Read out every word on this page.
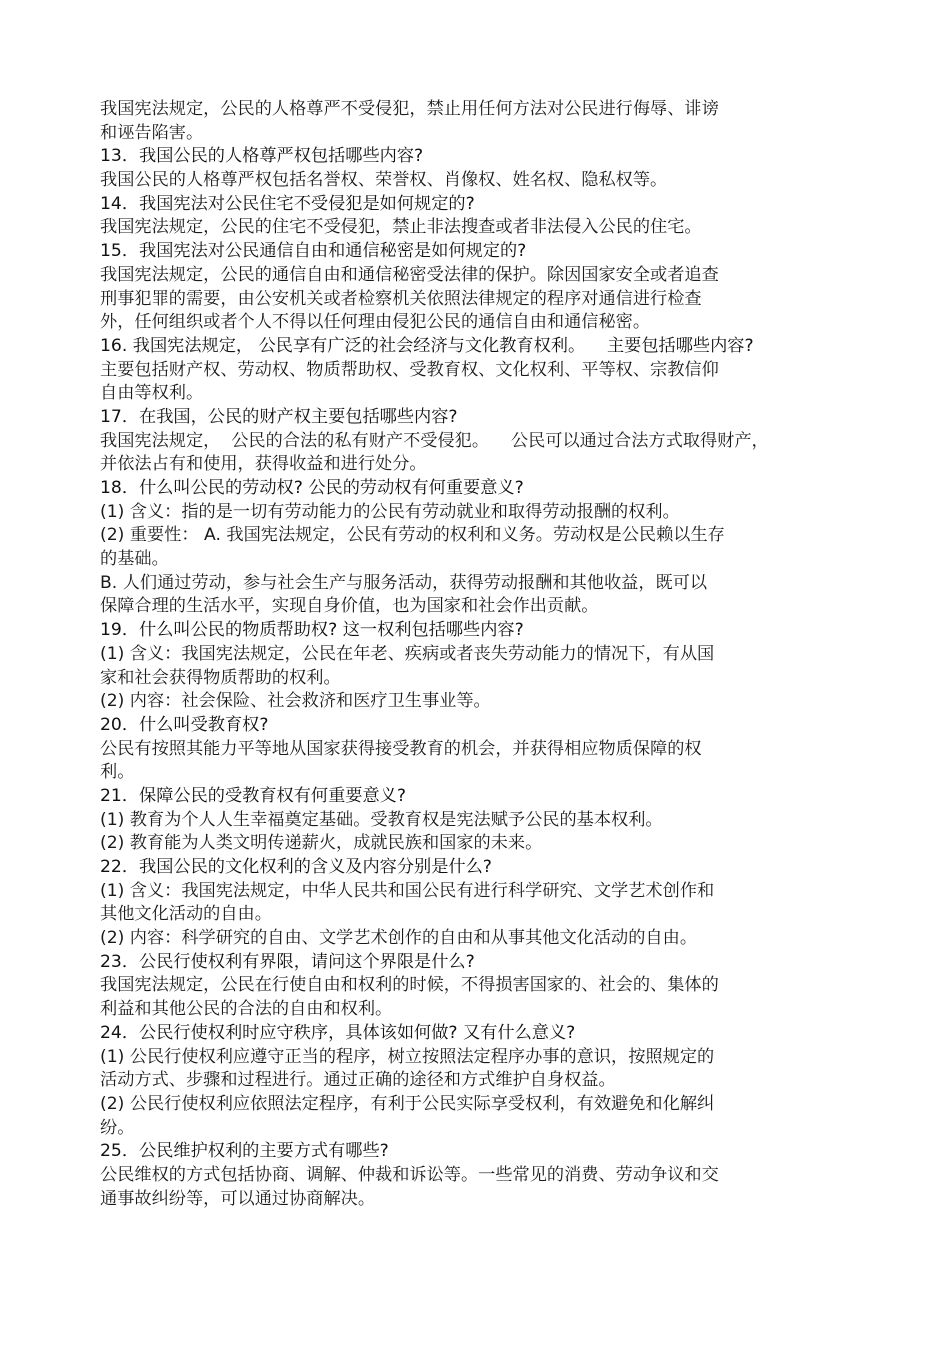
我国宪法规定，公民的人格尊严不受侵犯，禁止用任何方法对公民进行侮辱、诽谤
和诬告陷害。
13．我国公民的人格尊严权包括哪些内容?
我国公民的人格尊严权包括名誉权、荣誉权、肖像权、姓名权、隐私权等。
14．我国宪法对公民住宅不受侵犯是如何规定的?
我国宪法规定，公民的住宅不受侵犯，禁止非法搜查或者非法侵入公民的住宅。
15．我国宪法对公民通信自由和通信秘密是如何规定的?
我国宪法规定，公民的通信自由和通信秘密受法律的保护。除因国家安全或者追查
刑事犯罪的需要，由公安机关或者检察机关依照法律规定的程序对通信进行检查
外，任何组织或者个人不得以任何理由侵犯公民的通信自由和通信秘密。
16. 我国宪法规定， 公民享有广泛的社会经济与文化教育权利。    主要包括哪些内容?
主要包括财产权、劳动权、物质帮助权、受教育权、文化权利、平等权、宗教信仰
自由等权利。
17．在我国，公民的财产权主要包括哪些内容?
我国宪法规定，  公民的合法的私有财产不受侵犯。    公民可以通过合法方式取得财产，
并依法占有和使用，获得收益和进行处分。
18．什么叫公民的劳动权? 公民的劳动权有何重要意义?
(1) 含义：指的是一切有劳动能力的公民有劳动就业和取得劳动报酬的权利。
(2) 重要性： A. 我国宪法规定，公民有劳动的权利和义务。劳动权是公民赖以生存
的基础。
B. 人们通过劳动，参与社会生产与服务活动，获得劳动报酬和其他收益，既可以
保障合理的生活水平，实现自身价值，也为国家和社会作出贡献。
19．什么叫公民的物质帮助权? 这一权利包括哪些内容?
(1) 含义：我国宪法规定，公民在年老、疾病或者丧失劳动能力的情况下，有从国
家和社会获得物质帮助的权利。
(2) 内容：社会保险、社会救济和医疗卫生事业等。
20．什么叫受教育权?
公民有按照其能力平等地从国家获得接受教育的机会，并获得相应物质保障的权
利。
21．保障公民的受教育权有何重要意义?
(1) 教育为个人人生幸福奠定基础。受教育权是宪法赋予公民的基本权利。
(2) 教育能为人类文明传递薪火，成就民族和国家的未来。
22．我国公民的文化权利的含义及内容分别是什么?
(1) 含义：我国宪法规定，中华人民共和国公民有进行科学研究、文学艺术创作和
其他文化活动的自由。
(2) 内容：科学研究的自由、文学艺术创作的自由和从事其他文化活动的自由。
23．公民行使权利有界限，请问这个界限是什么?
我国宪法规定，公民在行使自由和权利的时候，不得损害国家的、社会的、集体的
利益和其他公民的合法的自由和权利。
24．公民行使权利时应守秩序，具体该如何做? 又有什么意义?
(1) 公民行使权利应遵守正当的程序，树立按照法定程序办事的意识，按照规定的
活动方式、步骤和过程进行。通过正确的途径和方式维护自身权益。
(2) 公民行使权利应依照法定程序，有利于公民实际享受权利，有效避免和化解纠
纷。
25．公民维护权利的主要方式有哪些?
公民维权的方式包括协商、调解、仲裁和诉讼等。一些常见的消费、劳动争议和交
通事故纠纷等，可以通过协商解决。
